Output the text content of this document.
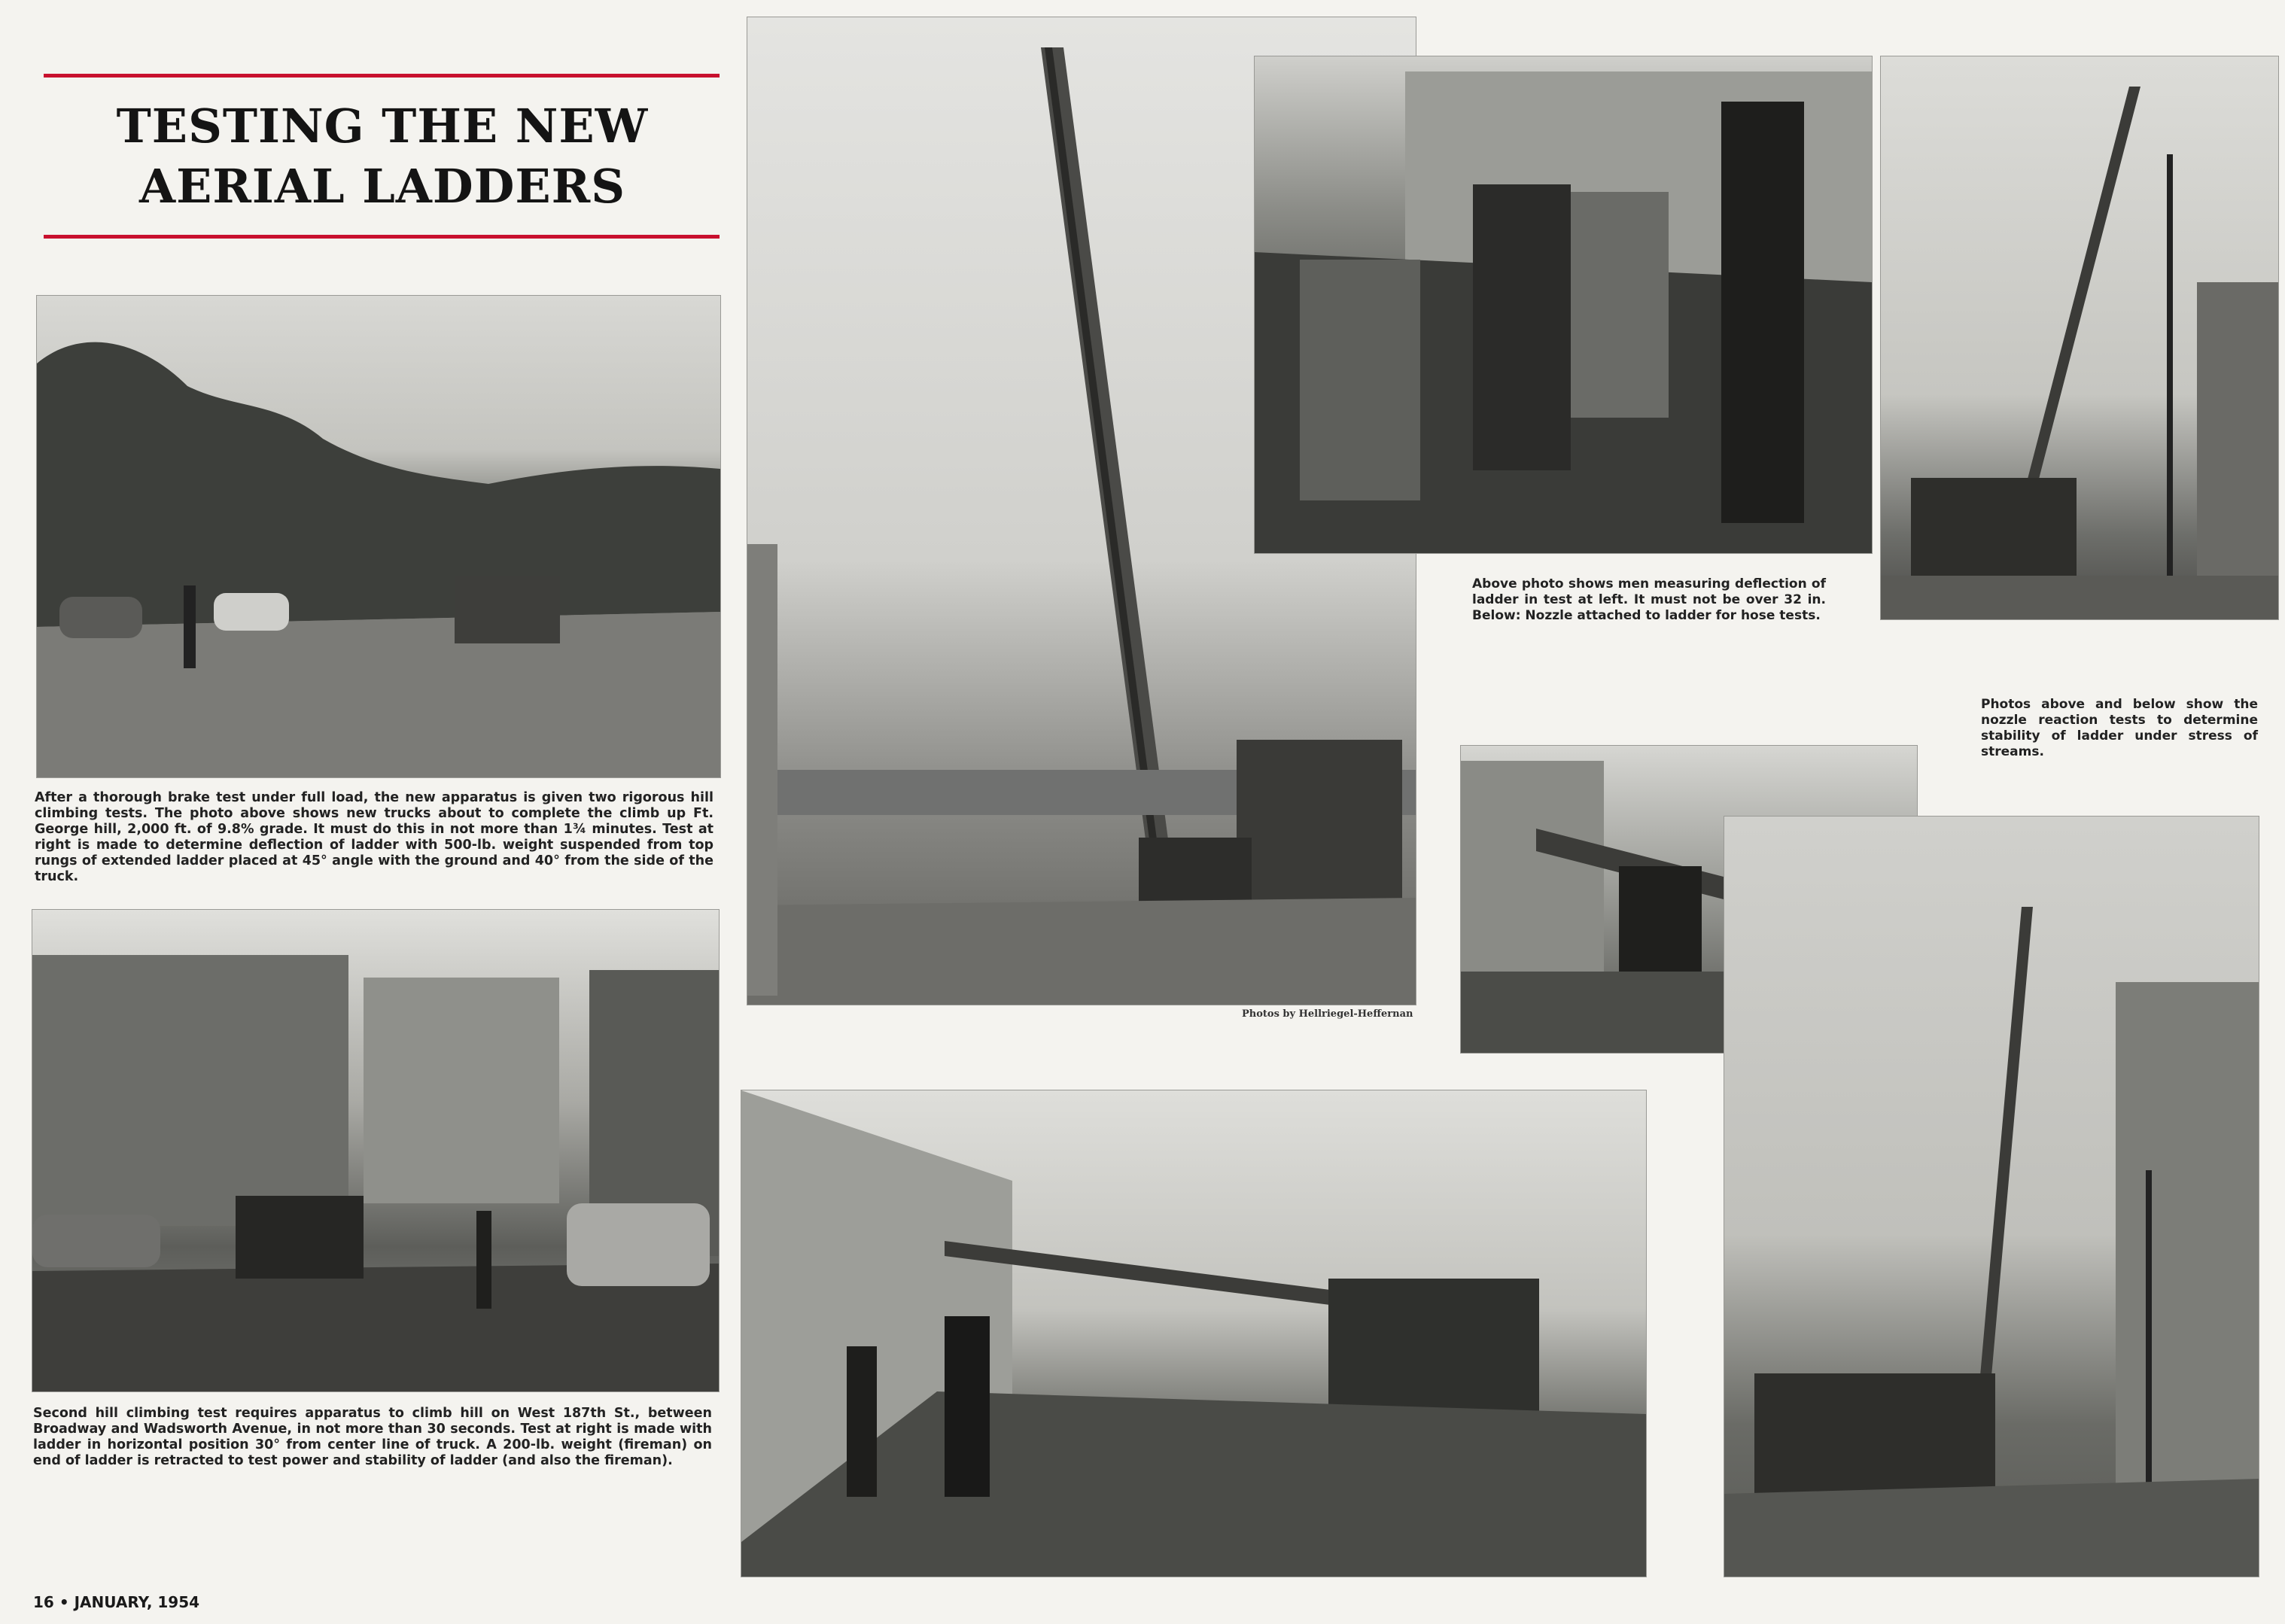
TESTING THE NEW
AERIAL LADDERS
After a thorough brake test under full load, the new apparatus is given two rigorous hill climbing tests. The photo above shows new trucks about to complete the climb up Ft. George hill, 2,000 ft. of 9.8% grade. It must do this in not more than 1¾ minutes. Test at right is made to determine deflection of ladder with 500-lb. weight suspended from top rungs of extended ladder placed at 45° angle with the ground and 40° from the side of the truck.
Second hill climbing test requires apparatus to climb hill on West 187th St., between Broadway and Wadsworth Avenue, in not more than 30 seconds. Test at right is made with ladder in horizontal position 30° from center line of truck. A 200-lb. weight (fireman) on end of ladder is retracted to test power and stability of ladder (and also the fireman).
Photos by Hellriegel-Heffernan
Above photo shows men measuring deflection of ladder in test at left. It must not be over 32 in. Below: Nozzle attached to ladder for hose tests.
Photos above and below show the nozzle reaction tests to determine stability of ladder under stress of streams.
16 • JANUARY, 1954
